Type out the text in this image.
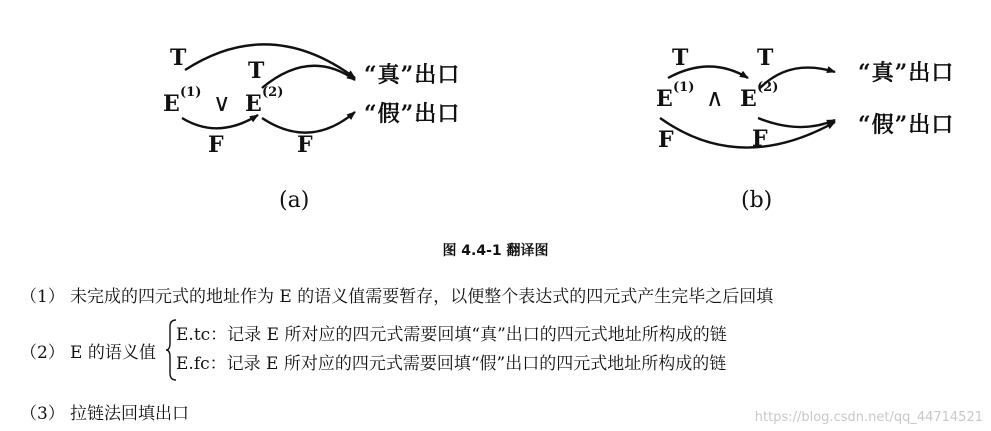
T	T
E (1) ∨ E (2)
F	F
“真”出口
“假”出口
(a)
T	T
E (1) ∧ E (2)
F	F
“真”出口
“假”出口
(b)
图 4.4-1 翻译图
（1） 未完成的四元式的地址作为 E 的语义值需要暂存，以便整个表达式的四元式产生完毕之后回填
（2） E 的语义值
E.tc：记录 E 所对应的四元式需要回填“真”出口的四元式地址所构成的链
E.fc：记录 E 所对应的四元式需要回填“假”出口的四元式地址所构成的链
（3） 拉链法回填出口	https://blog.csdn.net/qq_44714521
